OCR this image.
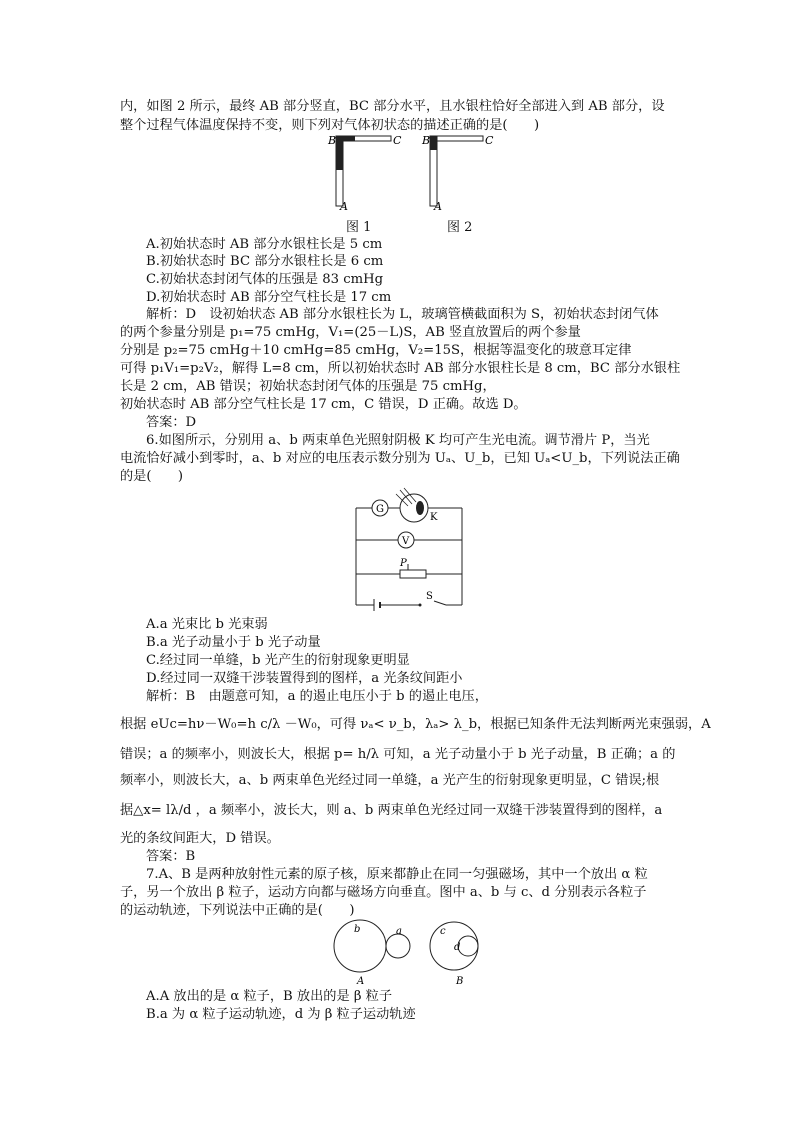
内，如图 2 所示，最终 AB 部分竖直，BC 部分水平，且水银柱恰好全部进入到 AB 部分，设
整个过程气体温度保持不变，则下列对气体初状态的描述正确的是(　　)
B	C
A
B	C
A
图 1	图 2
A.初始状态时 AB 部分水银柱长是 5 cm
B.初始状态时 BC 部分水银柱长是 6 cm
C.初始状态封闭气体的压强是 83 cmHg
D.初始状态时 AB 部分空气柱长是 17 cm
解析：D　设初始状态 AB 部分水银柱长为 L，玻璃管横截面积为 S，初始状态封闭气体
的两个参量分别是 p₁=75 cmHg，V₁=(25－L)S，AB 竖直放置后的两个参量
分别是 p₂=75 cmHg＋10 cmHg=85 cmHg，V₂=15S，根据等温变化的玻意耳定律
可得 p₁V₁=p₂V₂，解得 L=8 cm，所以初始状态时 AB 部分水银柱长是 8 cm，BC 部分水银柱
长是 2 cm，AB 错误；初始状态封闭气体的压强是 75 cmHg，
初始状态时 AB 部分空气柱长是 17 cm，C 错误，D 正确。故选 D。
答案：D
6.如图所示，分别用 a、b 两束单色光照射阴极 K 均可产生光电流。调节滑片 P，当光
电流恰好减小到零时，a、b 对应的电压表示数分别为 Uₐ、U_b，已知 Uₐ<U_b，下列说法正确
的是(　　)
G
K
V
P
S
A.a 光束比 b 光束弱
B.a 光子动量小于 b 光子动量
C.经过同一单缝，b 光产生的衍射现象更明显
D.经过同一双缝干涉装置得到的图样，a 光条纹间距小
解析：B　由题意可知，a 的遏止电压小于 b 的遏止电压，
根据 eUc=hν－W₀=h c/λ －W₀，可得 νₐ< ν_b，λₐ> λ_b，根据已知条件无法判断两光束强弱，A
错误；a 的频率小，则波长大，根据 p= h/λ 可知，a 光子动量小于 b 光子动量，B 正确；a 的
频率小，则波长大，a、b 两束单色光经过同一单缝，a 光产生的衍射现象更明显，C 错误;根
据△x= lλ/d ，a 频率小，波长大，则 a、b 两束单色光经过同一双缝干涉装置得到的图样，a
光的条纹间距大，D 错误。
答案：B
7.A、B 是两种放射性元素的原子核，原来都静止在同一匀强磁场，其中一个放出 α 粒
子，另一个放出 β 粒子，运动方向都与磁场方向垂直。图中 a、b 与 c、d 分别表示各粒子
的运动轨迹，下列说法中正确的是(　　)
b	a	c
d
A	B
A.A 放出的是 α 粒子，B 放出的是 β 粒子
B.a 为 α 粒子运动轨迹，d 为 β 粒子运动轨迹
